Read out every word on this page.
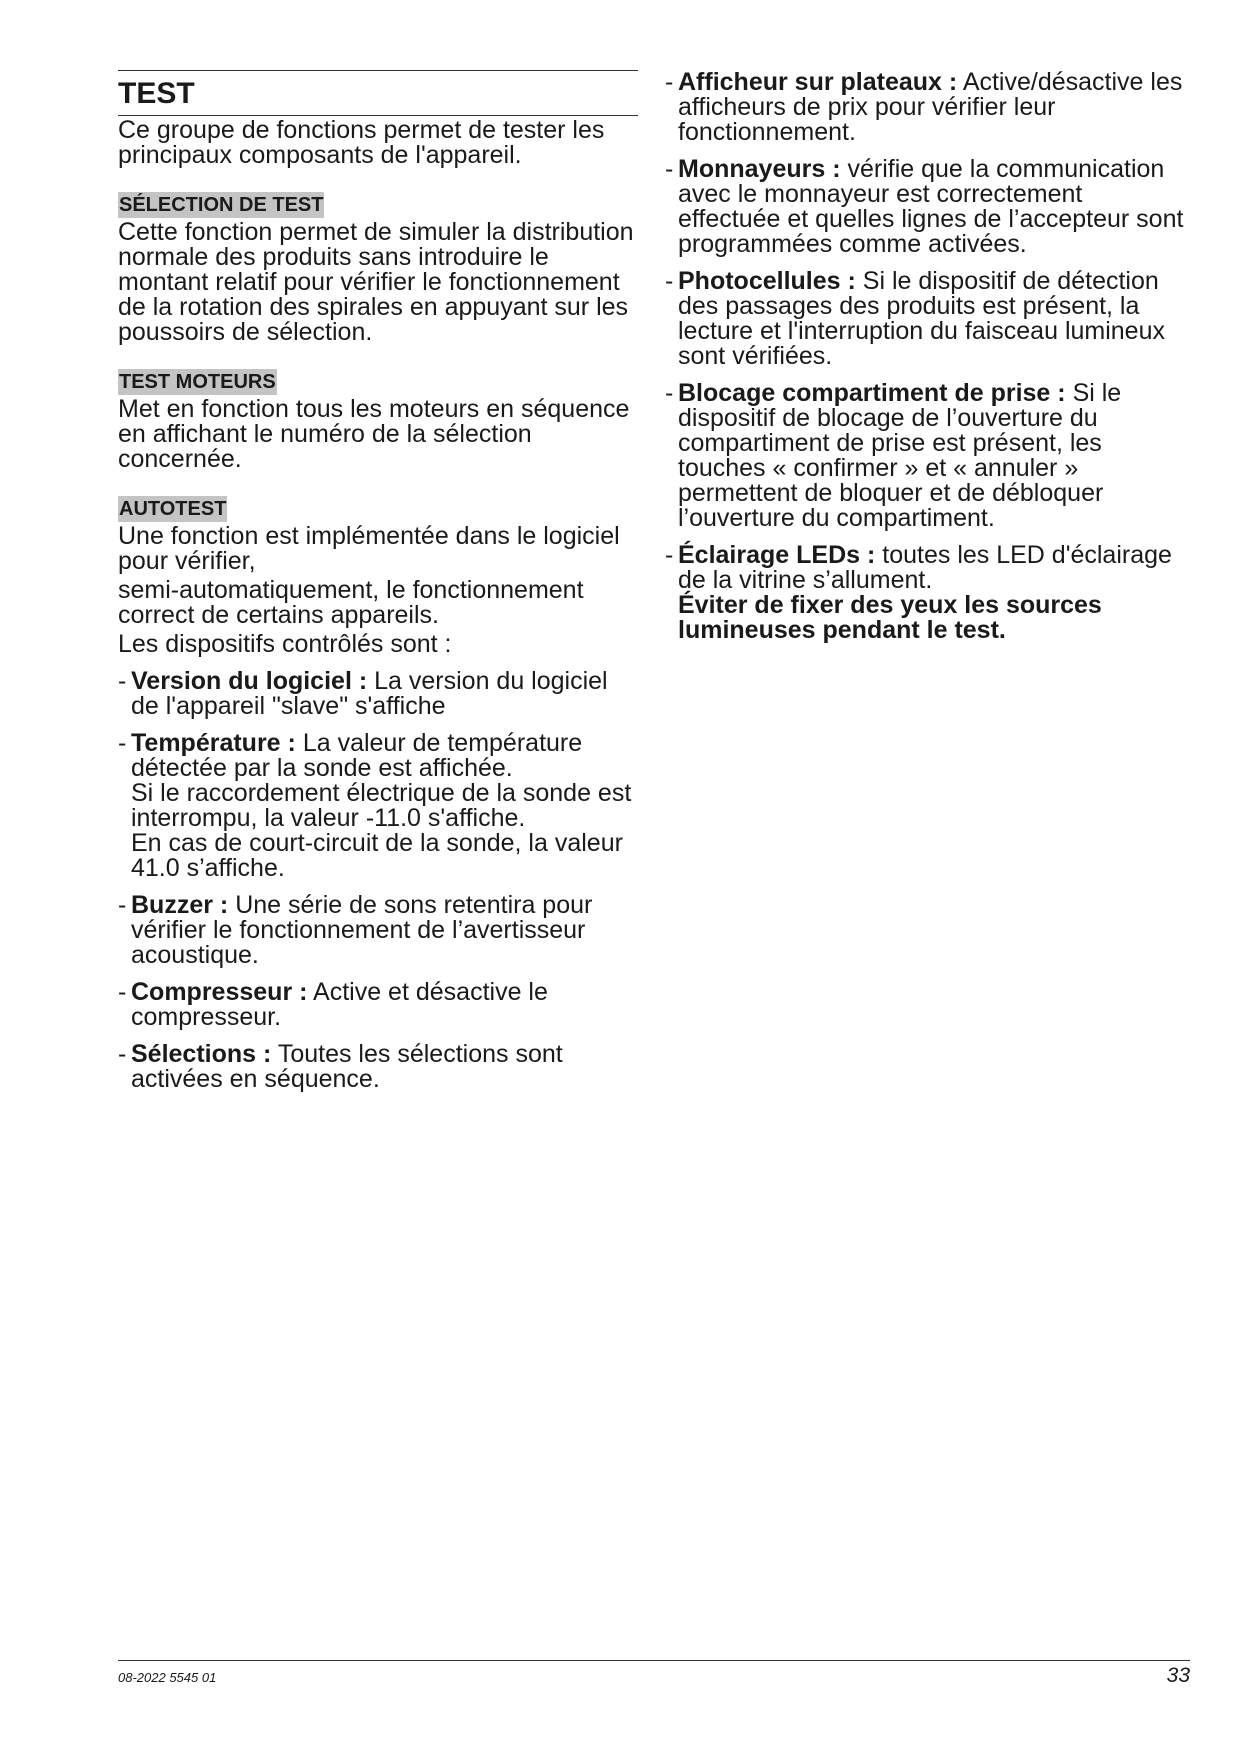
TEST

Ce groupe de fonctions permet de tester les principaux composants de l'appareil.

SÉLECTION DE TEST

Cette fonction permet de simuler la distribution normale des produits sans introduire le montant relatif pour vérifier le fonctionnement de la rotation des spirales en appuyant sur les poussoirs de sélection.

TEST MOTEURS

Met en fonction tous les moteurs en séquence en affichant le numéro de la sélection concernée.

AUTOTEST

Une fonction est implémentée dans le logiciel pour vérifier,

semi-automatiquement, le fonctionnement correct de certains appareils.

Les dispositifs contrôlés sont :

- Version du logiciel : La version du logiciel de l'appareil "slave" s'affiche
- Température : La valeur de température détectée par la sonde est affichée.
Si le raccordement électrique de la sonde est interrompu, la valeur -11.0 s'affiche.
En cas de court-circuit de la sonde, la valeur 41.0 s’affiche.
- Buzzer : Une série de sons retentira pour vérifier le fonctionnement de l’avertisseur acoustique.
- Compresseur : Active et désactive le compresseur.
- Sélections : Toutes les sélections sont activées en séquence.
- Afficheur sur plateaux : Active/désactive les afficheurs de prix pour vérifier leur fonctionnement.
- Monnayeurs : vérifie que la communication avec le monnayeur est correctement effectuée et quelles lignes de l’accepteur sont programmées comme activées.
- Photocellules : Si le dispositif de détection des passages des produits est présent, la lecture et l'interruption du faisceau lumineux sont vérifiées.
- Blocage compartiment de prise : Si le dispositif de blocage de l’ouverture du compartiment de prise est présent, les touches « confirmer » et « annuler » permettent de bloquer et de débloquer l’ouverture du compartiment.
- Éclairage LEDs : toutes les LED d'éclairage de la vitrine s’allument.
Éviter de fixer des yeux les sources lumineuses pendant le test.
08-2022 5545 01	33
